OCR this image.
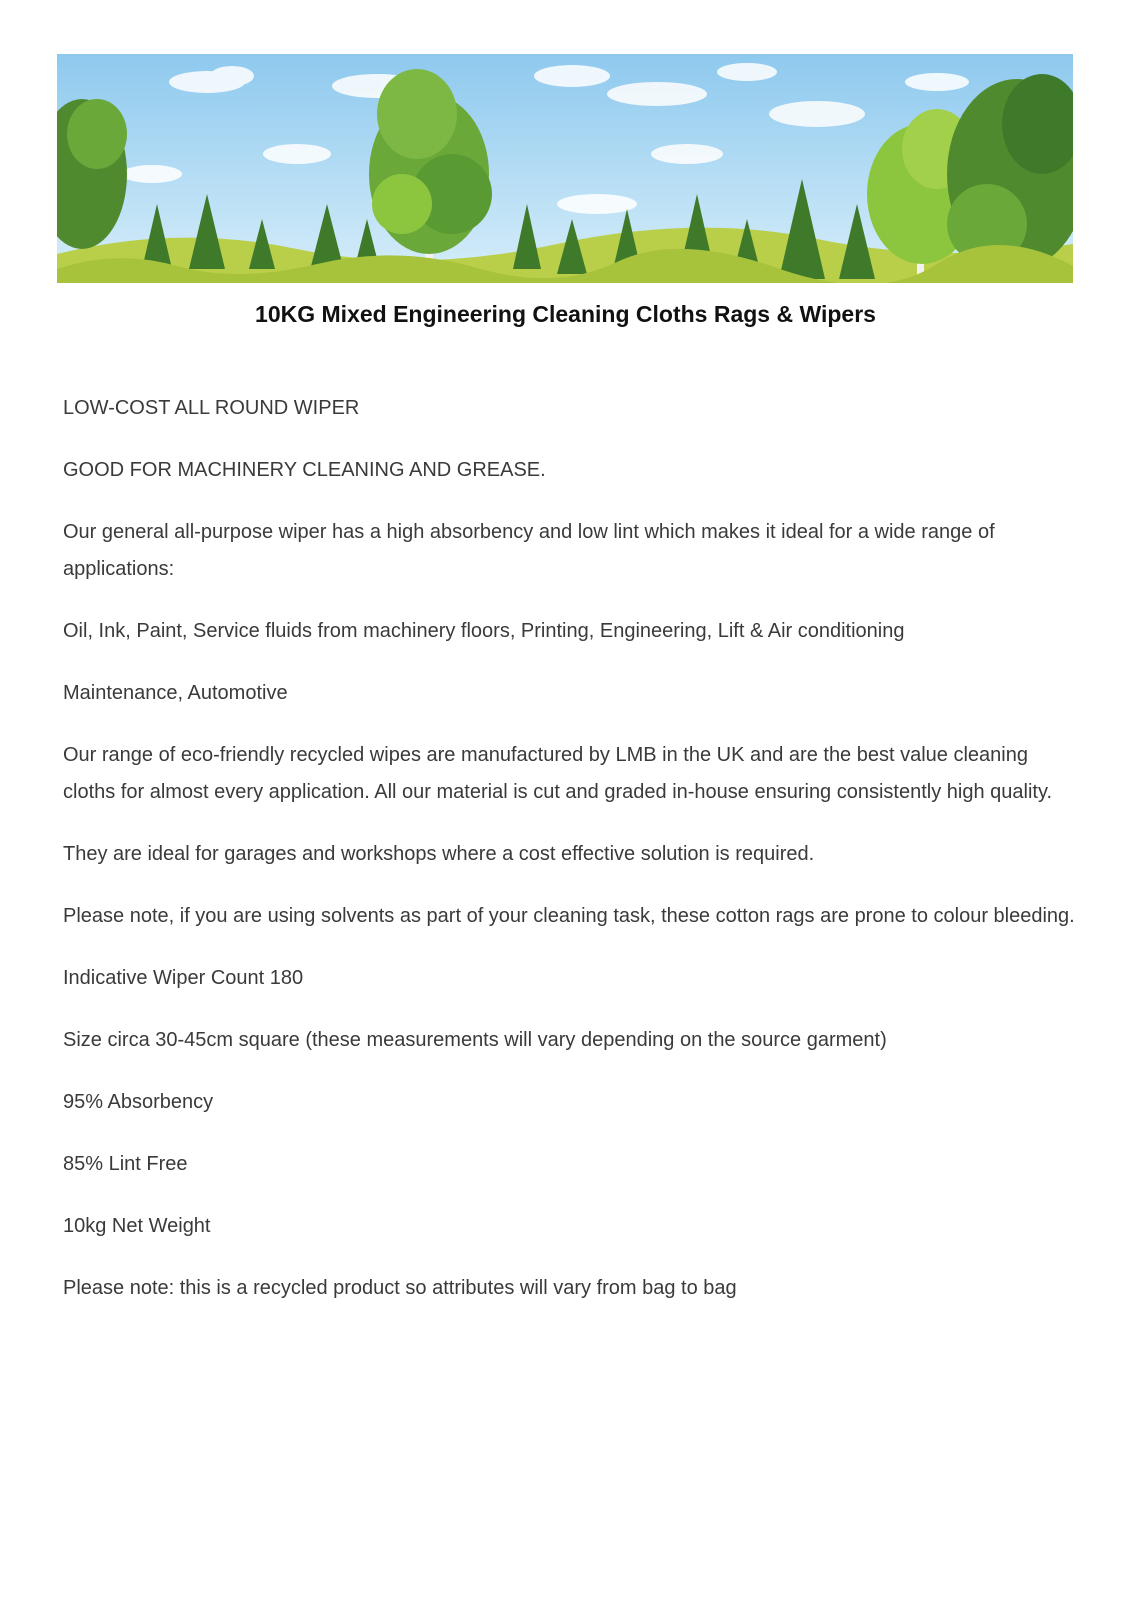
10KG Mixed Engineering Cleaning Cloths Rags & Wipers

LOW-COST ALL ROUND WIPER

GOOD FOR MACHINERY CLEANING AND GREASE.

Our general all-purpose wiper has a high absorbency and low lint which makes it ideal for a wide range of applications:

Oil, Ink, Paint, Service fluids from machinery floors, Printing, Engineering, Lift & Air conditioning

Maintenance, Automotive

Our range of eco-friendly recycled wipes are manufactured by LMB in the UK and are the best value cleaning cloths for almost every application. All our material is cut and graded in-house ensuring consistently high quality.

They are ideal for garages and workshops where a cost effective solution is required.

Please note, if you are using solvents as part of your cleaning task, these cotton rags are prone to colour bleeding.

Indicative Wiper Count 180

Size circa 30-45cm square (these measurements will vary depending on the source garment)

95% Absorbency

85% Lint Free

10kg Net Weight

Please note: this is a recycled product so attributes will vary from bag to bag
